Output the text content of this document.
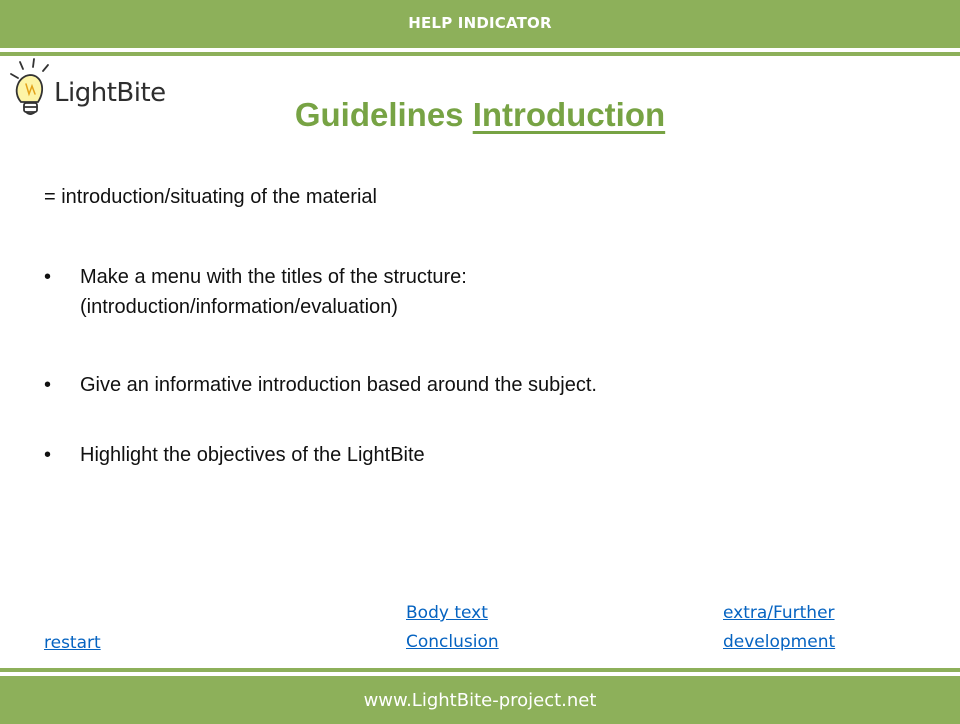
HELP INDICATOR
LightBite
Guidelines Introduction
= introduction/situating of the material
• Make a menu with the titles of the structure:
(introduction/information/evaluation)
• Give an informative introduction based around the subject.
• Highlight the objectives of the LightBite
restart
Body text
Conclusion
extra/Further
development
www.LightBite-project.net
